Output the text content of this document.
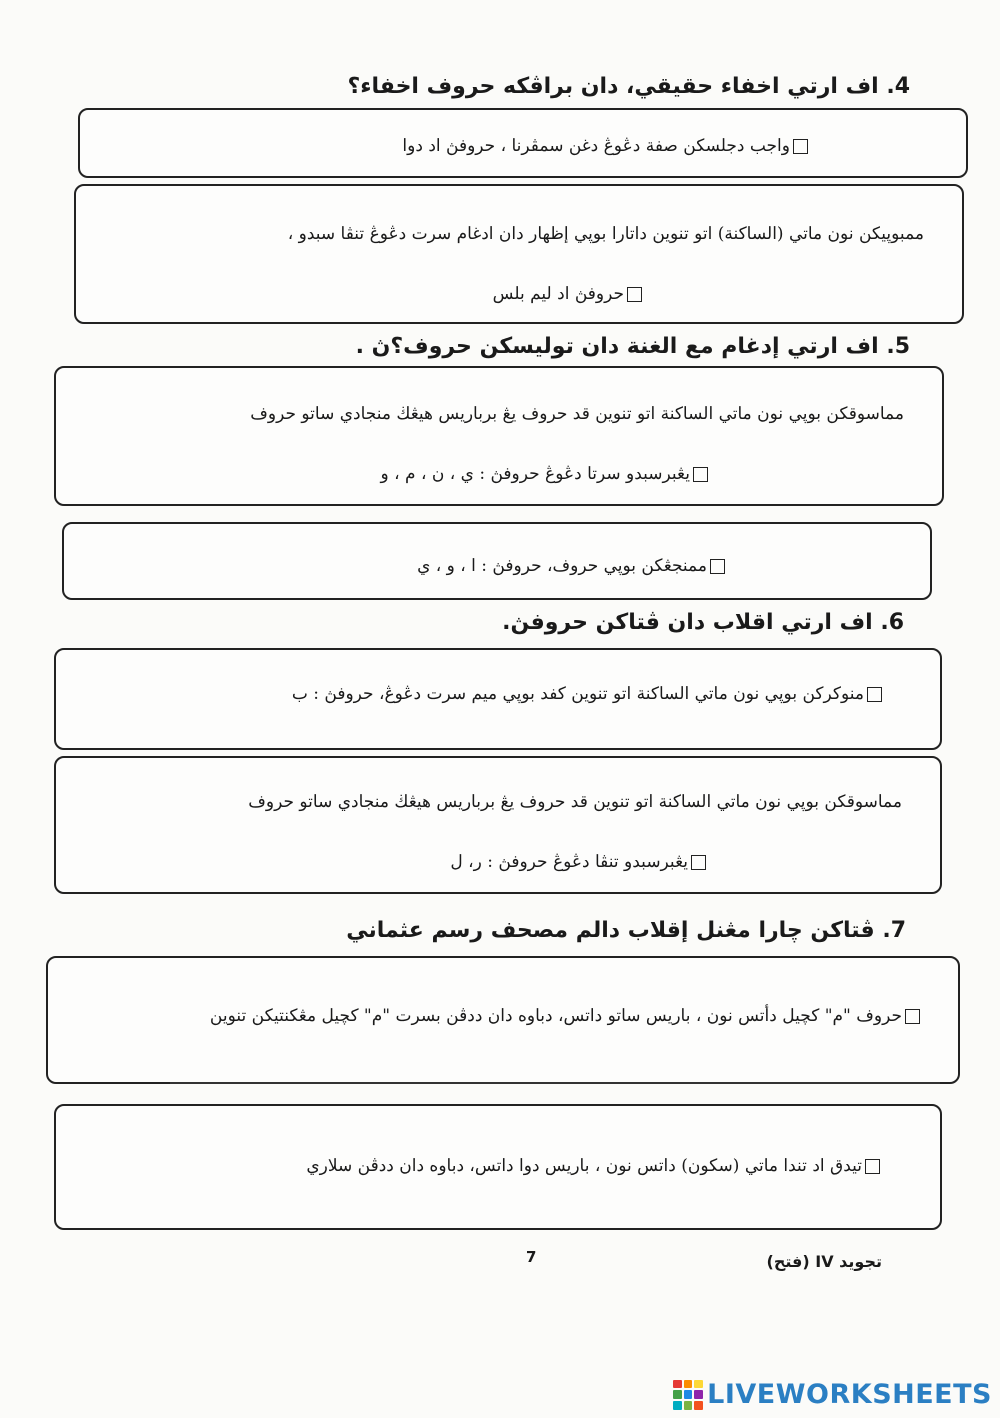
4. اف ارتي اخفاء حقيقي، دان براڤكه حروف اخفاء؟
واجب دجلسكن صفة دڠوڠ دغن سمڤرنا ، حروفڽ اد دوا
ممبوڽيكن نون ماتي (الساكنة) اتو تنوين داتارا بوڽي إظهار دان ادغام سرت دڠوڠ تنڤا سبدو ،
حروفڽ اد ليم بلس
5. اف ارتي إدغام مع الغنة دان توليسكن حروف؟ڽ .
مماسوقكن بوڽي نون ماتي الساكنة اتو تنوين قد حروف يڠ برباريس هيڠڬ منجادي ساتو حروف
يڠبرسبدو سرتا دڠوڠ حروفڽ : ي ، ن ، م ، و
ممنجڠكن بوڽي حروف، حروفڽ : ا ، و ، ي
6. اف ارتي اقلاب دان ڤتاكن حروفڽ.
منوكركن بوڽي نون ماتي الساكنة اتو تنوين كفد بوڽي ميم سرت دڠوڠ، حروفڽ : ب
مماسوقكن بوڽي نون ماتي الساكنة اتو تنوين قد حروف يڠ برباريس هيڠڬ منجادي ساتو حروف
يڠبرسبدو تنڤا دڠوڠ حروفڽ : ر، ل
7. ڤتاكن چارا مڠنل إقلاب دالم مصحف رسم عثماني
حروف "م" كچيل دأتس نون ، باريس ساتو داتس، دباوه دان ددڤن بسرت "م" كچيل مڠكنتيكن تنوين
تيدق اد تندا ماتي (سكون) داتس نون ، باريس دوا داتس، دباوه دان ددڤن سلاري
7	تجويد IV (فتح)
LIVEWORKSHEETS
